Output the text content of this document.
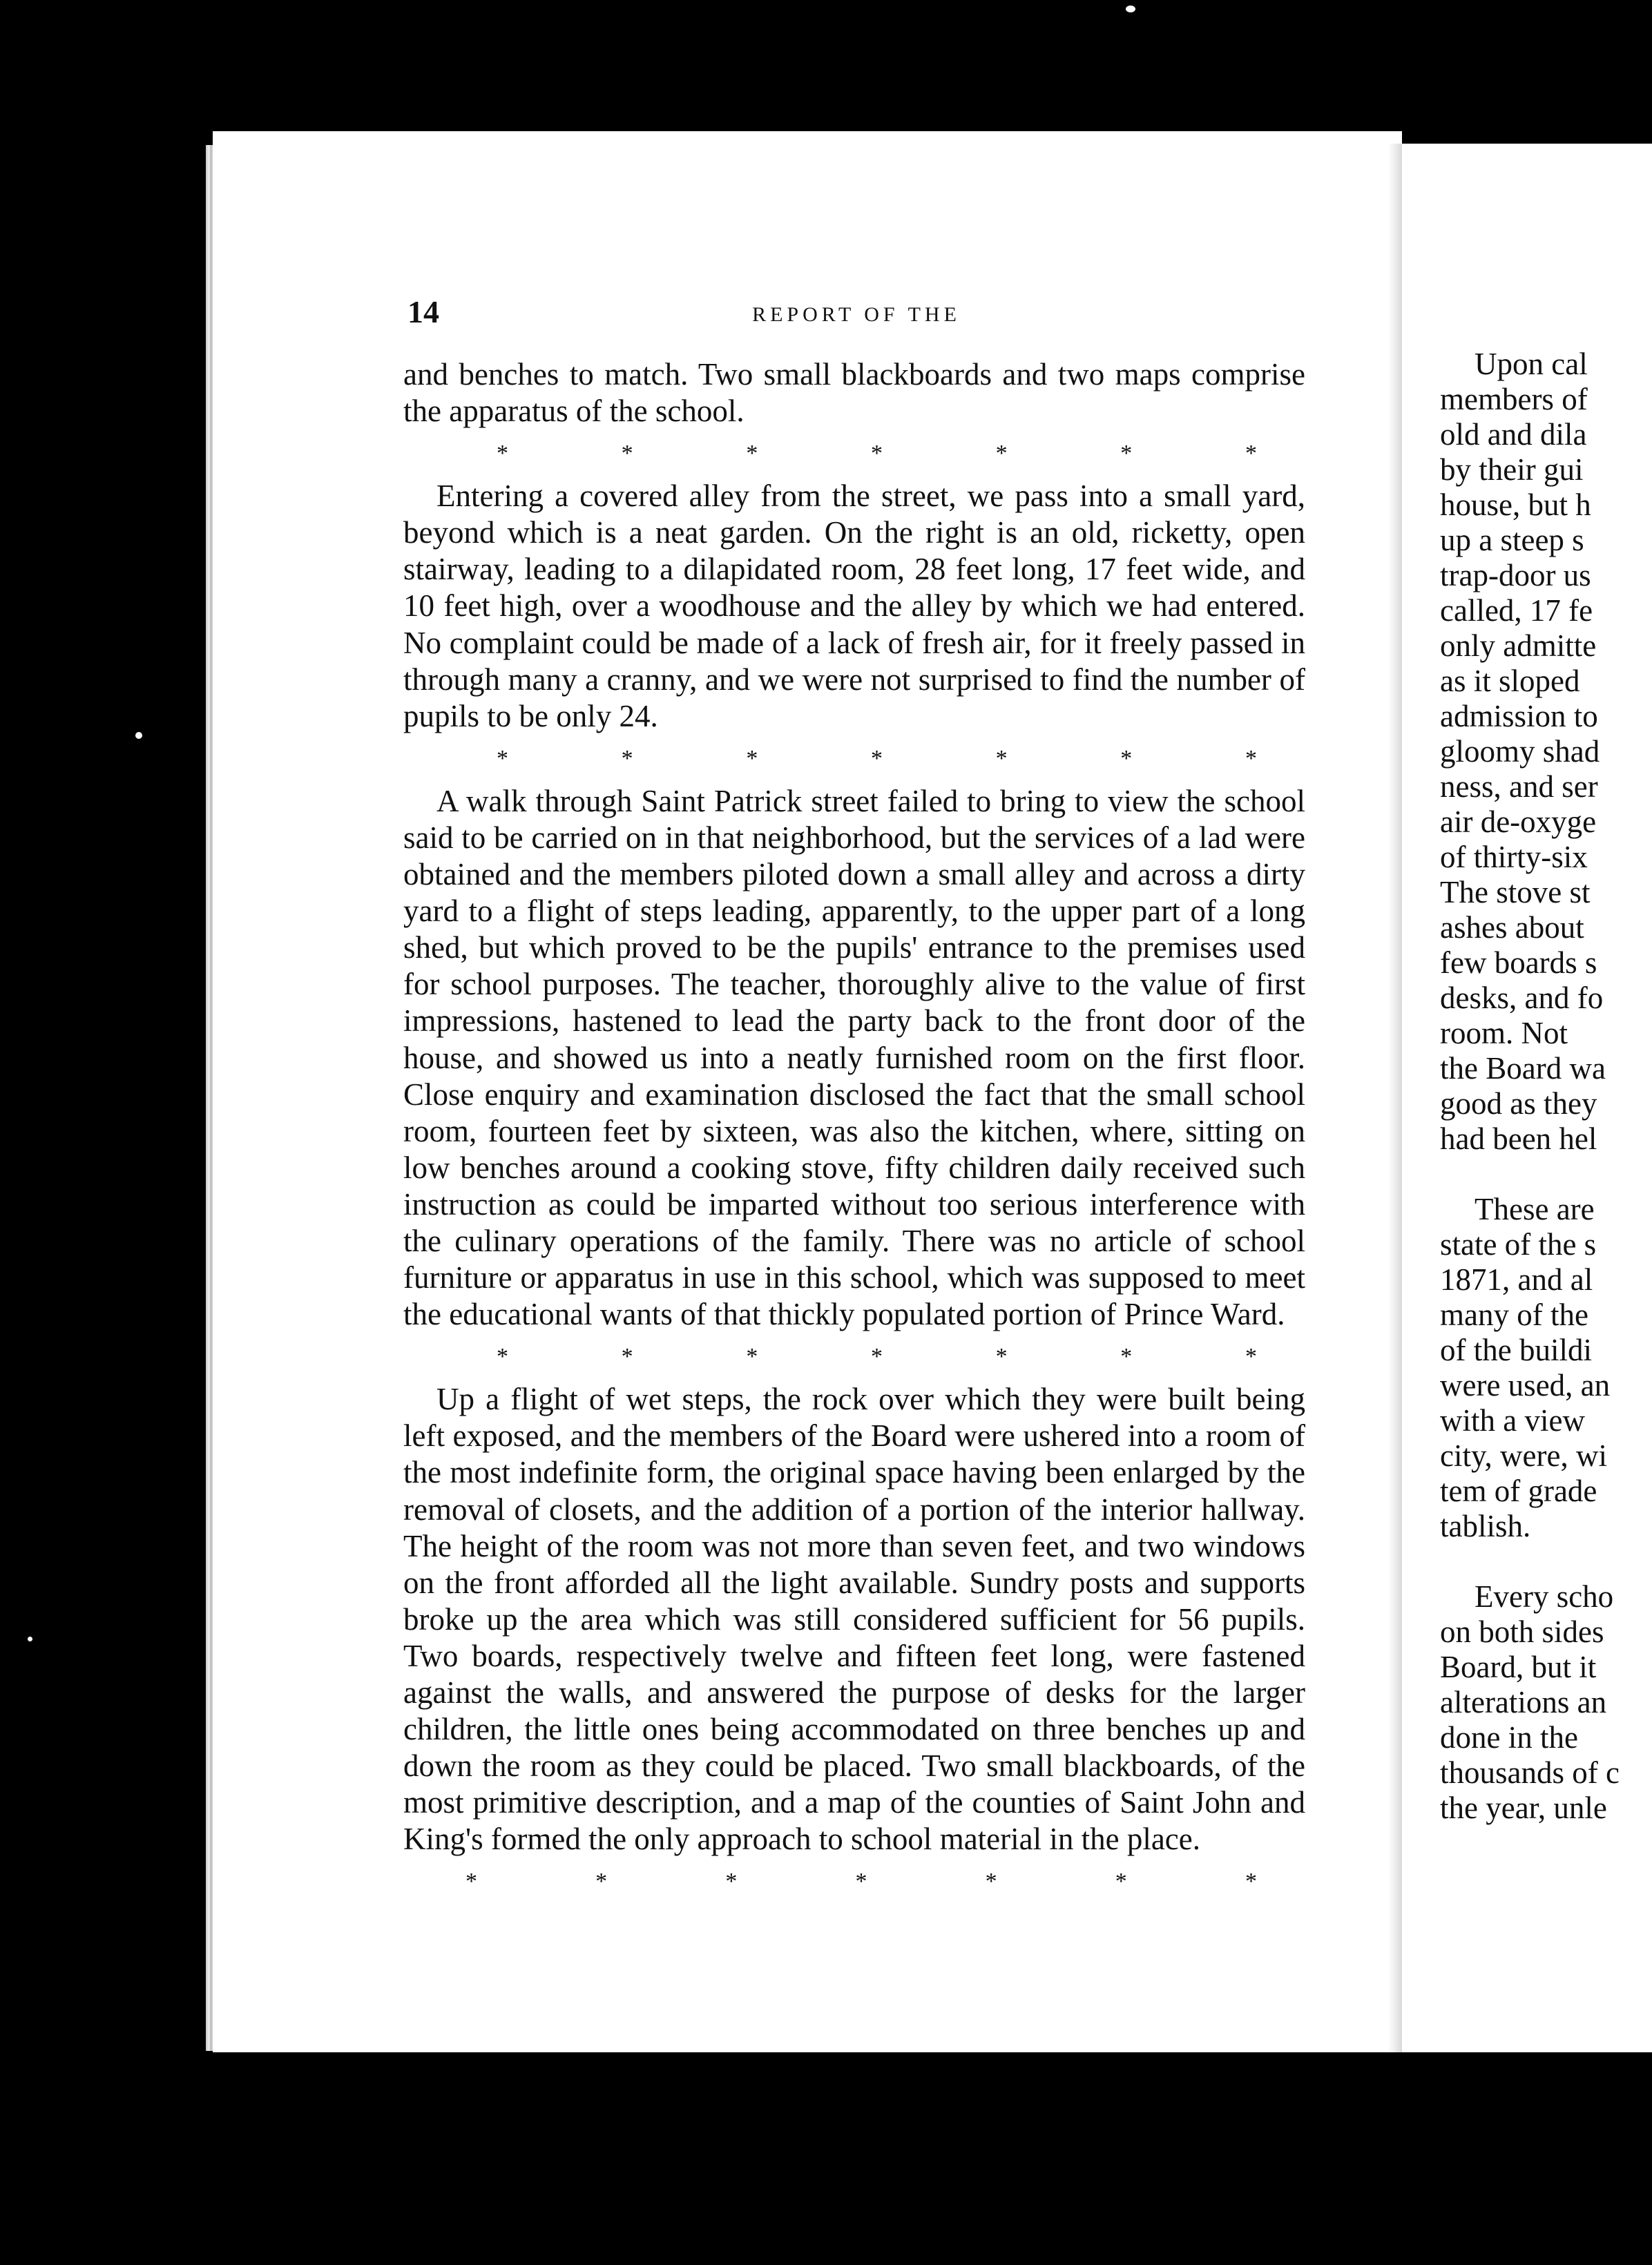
14	REPORT OF THE

and benches to match. Two small blackboards and two maps comprise the apparatus of the school.

*	*	*	*	*	*	*

Entering a covered alley from the street, we pass into a small yard, beyond which is a neat garden. On the right is an old, ricketty, open stairway, leading to a dilapidated room, 28 feet long, 17 feet wide, and 10 feet high, over a woodhouse and the alley by which we had entered. No complaint could be made of a lack of fresh air, for it freely passed in through many a cranny, and we were not surprised to find the number of pupils to be only 24.

*	*	*	*	*	*	*

A walk through Saint Patrick street failed to bring to view the school said to be carried on in that neighborhood, but the services of a lad were obtained and the members piloted down a small alley and across a dirty yard to a flight of steps leading, apparently, to the upper part of a long shed, but which proved to be the pupils' entrance to the premises used for school purposes. The teacher, thoroughly alive to the value of first impressions, hastened to lead the party back to the front door of the house, and showed us into a neatly furnished room on the first floor. Close enquiry and examination disclosed the fact that the small school room, fourteen feet by sixteen, was also the kitchen, where, sitting on low benches around a cooking stove, fifty children daily received such instruction as could be imparted without too serious interference with the culinary operations of the family. There was no article of school furniture or apparatus in use in this school, which was supposed to meet the educational wants of that thickly populated portion of Prince Ward.

*	*	*	*	*	*	*

Up a flight of wet steps, the rock over which they were built being left exposed, and the members of the Board were ushered into a room of the most indefinite form, the original space having been enlarged by the removal of closets, and the addition of a portion of the interior hallway. The height of the room was not more than seven feet, and two windows on the front afforded all the light available. Sundry posts and supports broke up the area which was still considered sufficient for 56 pupils. Two boards, respectively twelve and fifteen feet long, were fastened against the walls, and answered the purpose of desks for the larger children, the little ones being accommodated on three benches up and down the room as they could be placed. Two small blackboards, of the most primitive description, and a map of the counties of Saint John and King's formed the only approach to school material in the place.

*	*	*	*	*	*	*
Upon cal
members of
old and dila
by their gui
house, but h
up a steep s
trap-door us
called, 17 fe
only admitte
as it sloped
admission to
gloomy shad
ness, and ser
air de-oxyge
of thirty-six
The stove st
ashes about
few boards s
desks, and fo
room. Not
the Board wa
good as they
had been hel

These are
state of the s
1871, and al
many of the
of the buildi
were used, an
with a view
city, were, wi
tem of grade
tablish.

Every scho
on both sides
Board, but it
alterations an
done in the
thousands of c
the year, unle
